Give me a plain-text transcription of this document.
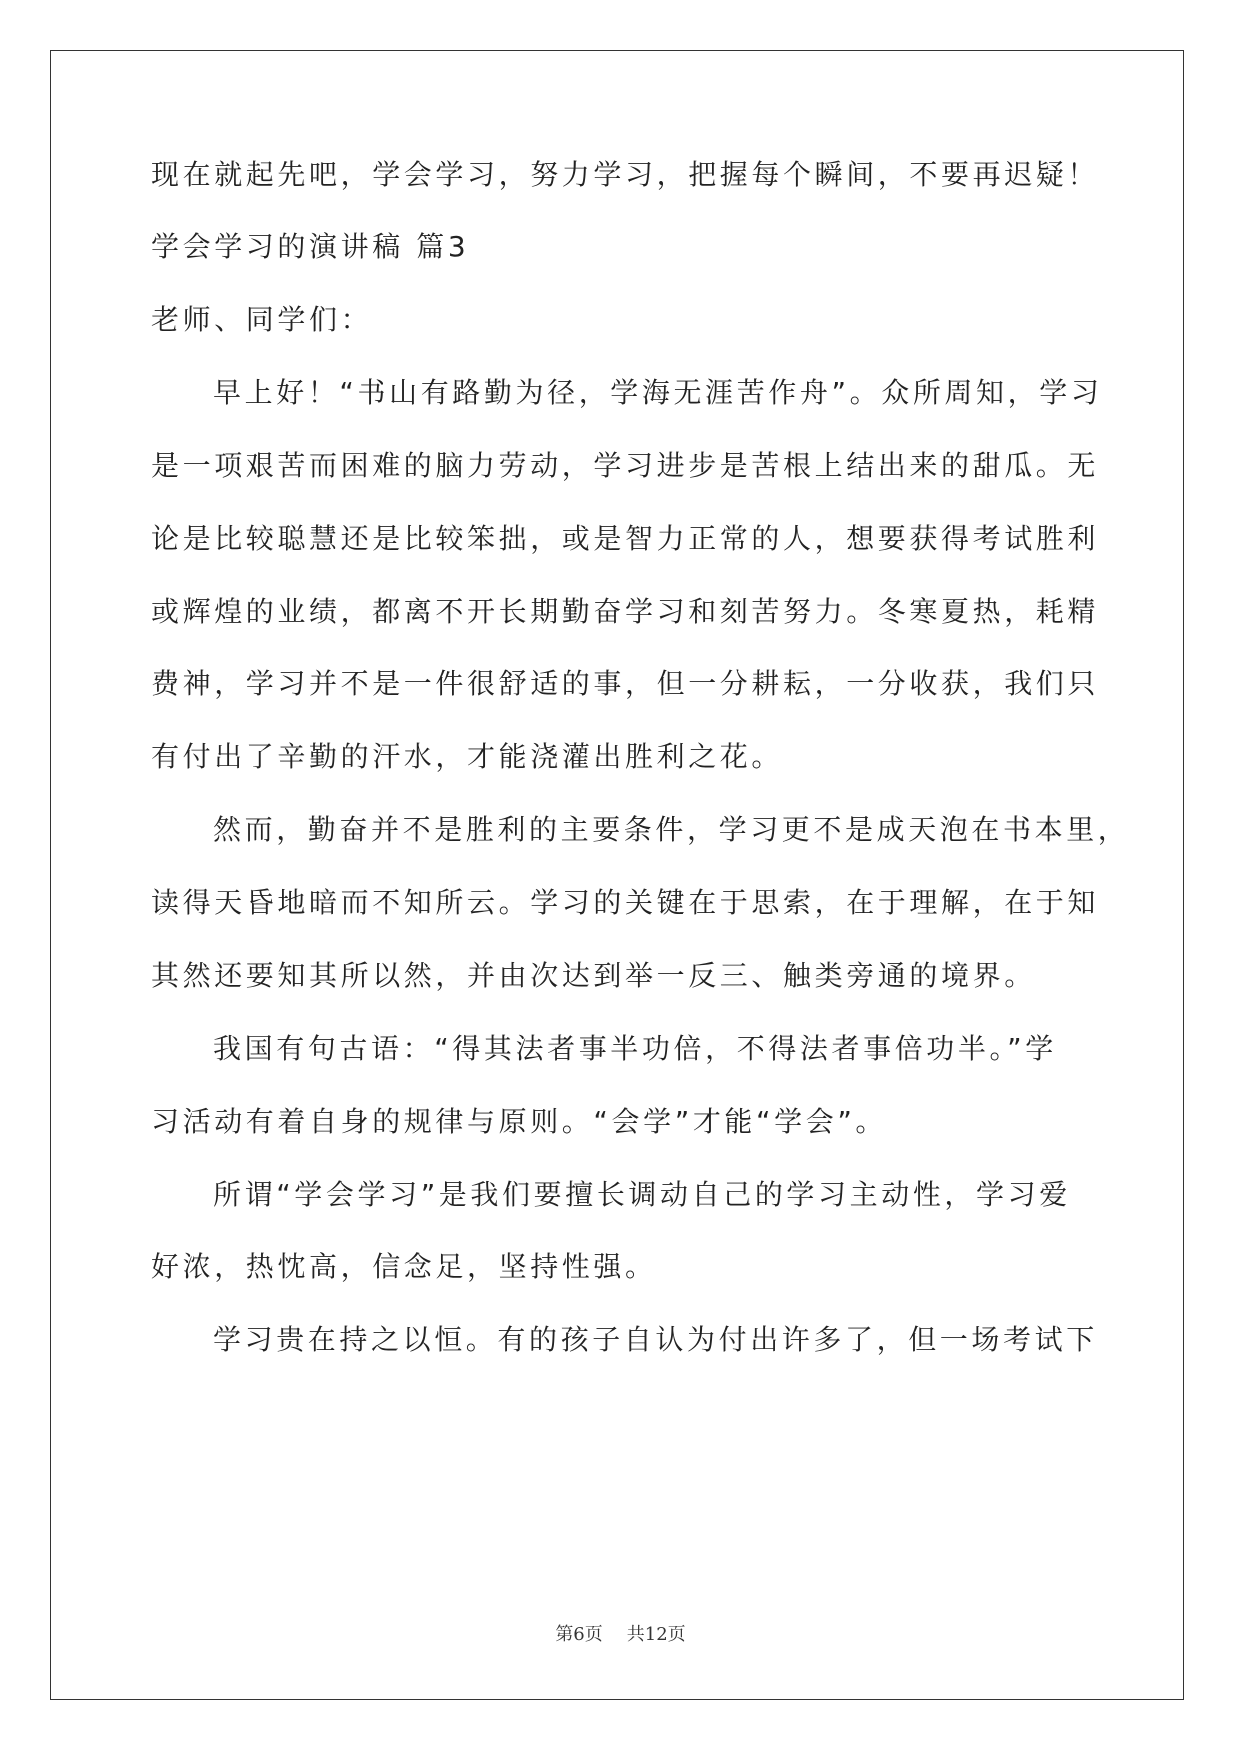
现在就起先吧，学会学习，努力学习，把握每个瞬间，不要再迟疑！
学会学习的演讲稿 篇3
老师、同学们：
早上好！“书山有路勤为径，学海无涯苦作舟”。众所周知，学习
是一项艰苦而困难的脑力劳动，学习进步是苦根上结出来的甜瓜。无
论是比较聪慧还是比较笨拙，或是智力正常的人，想要获得考试胜利
或辉煌的业绩，都离不开长期勤奋学习和刻苦努力。冬寒夏热，耗精
费神，学习并不是一件很舒适的事，但一分耕耘，一分收获，我们只
有付出了辛勤的汗水，才能浇灌出胜利之花。
然而，勤奋并不是胜利的主要条件，学习更不是成天泡在书本里，
读得天昏地暗而不知所云。学习的关键在于思索，在于理解，在于知
其然还要知其所以然，并由次达到举一反三、触类旁通的境界。
我国有句古语：“得其法者事半功倍，不得法者事倍功半。”学
习活动有着自身的规律与原则。“会学”才能“学会”。
所谓“学会学习”是我们要擅长调动自己的学习主动性，学习爱
好浓，热忱高，信念足，坚持性强。
学习贵在持之以恒。有的孩子自认为付出许多了，但一场考试下
第6页 共12页
